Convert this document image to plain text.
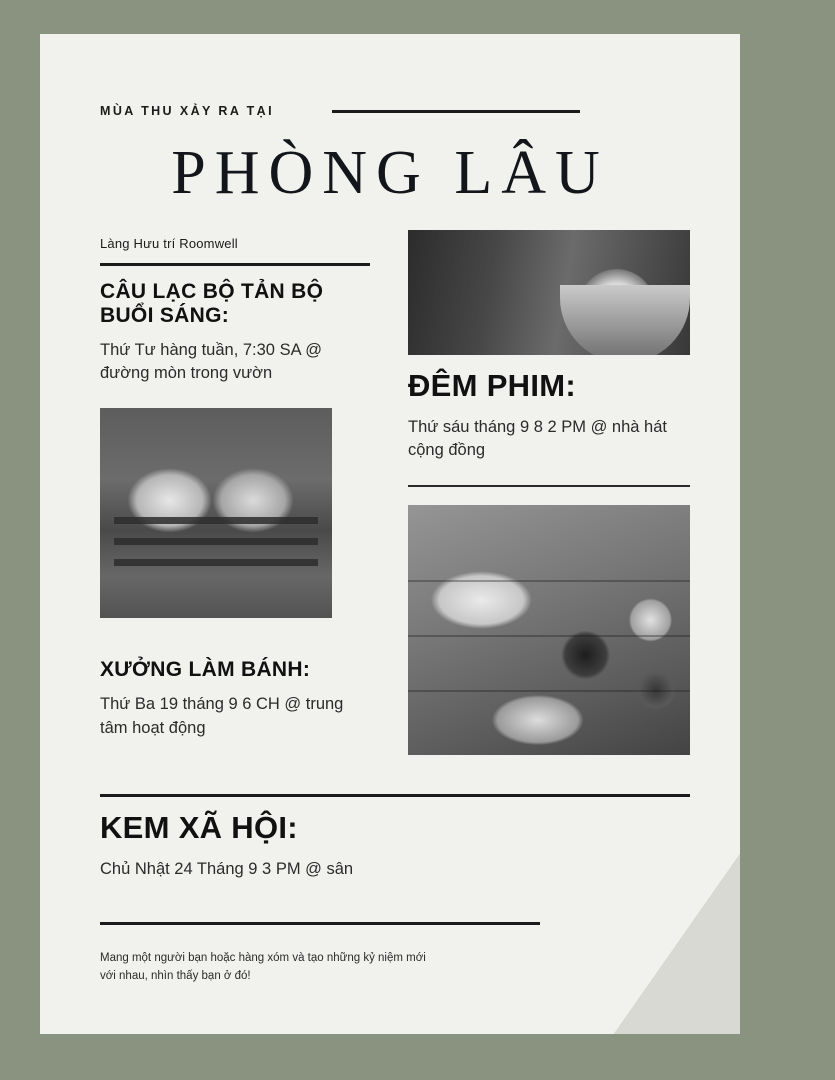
MÙA THU XẢY RA TẠI
PHÒNG LÂU
Làng Hưu trí Roomwell
CÂU LẠC BỘ TẢN BỘ BUỔI SÁNG:

Thứ Tư hàng tuần, 7:30 SA @ đường mòn trong vườn

XƯỞNG LÀM BÁNH:

Thứ Ba 19 tháng 9 6 CH @ trung tâm hoạt động

ĐÊM PHIM:

Thứ sáu tháng 9 8 2 PM @ nhà hát cộng đồng

KEM XÃ HỘI:

Chủ Nhật 24 Tháng 9 3 PM @ sân

Mang một người bạn hoặc hàng xóm và tạo những kỷ niệm mới với nhau, nhìn thấy bạn ở đó!
